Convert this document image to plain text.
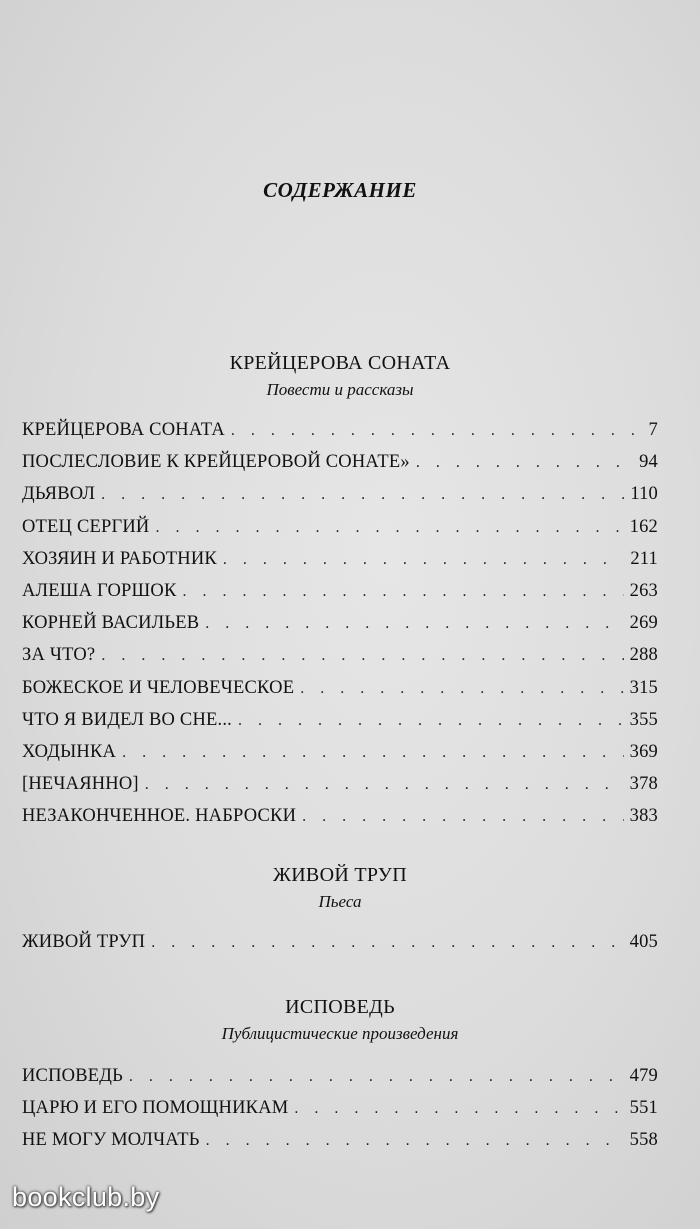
СОДЕРЖАНИЕ
КРЕЙЦЕРОВА СОНАТА
Повести и рассказы
КРЕЙЦЕРОВА СОНАТА . . .	7
ПОСЛЕСЛОВИЕ К КРЕЙЦЕРОВОЙ СОНАТЕ» . . .	94
ДЬЯВОЛ . . .	110
ОТЕЦ СЕРГИЙ . . .	162
ХОЗЯИН И РАБОТНИК . . .	211
АЛЕША ГОРШОК . . .	263
КОРНЕЙ ВАСИЛЬЕВ . . .	269
ЗА ЧТО? . . .	288
БОЖЕСКОЕ И ЧЕЛОВЕЧЕСКОЕ . . .	315
ЧТО Я ВИДЕЛ ВО СНЕ... . . .	355
ХОДЫНКА . . .	369
[НЕЧАЯННО] . . .	378
НЕЗАКОНЧЕННОЕ. НАБРОСКИ . . .	383
ЖИВОЙ ТРУП
Пьеса
ЖИВОЙ ТРУП . . .	405
ИСПОВЕДЬ
Публицистические произведения
ИСПОВЕДЬ . . .	479
ЦАРЮ И ЕГО ПОМОЩНИКАМ . . .	551
НЕ МОГУ МОЛЧАТЬ . . .	558
bookclub.by
